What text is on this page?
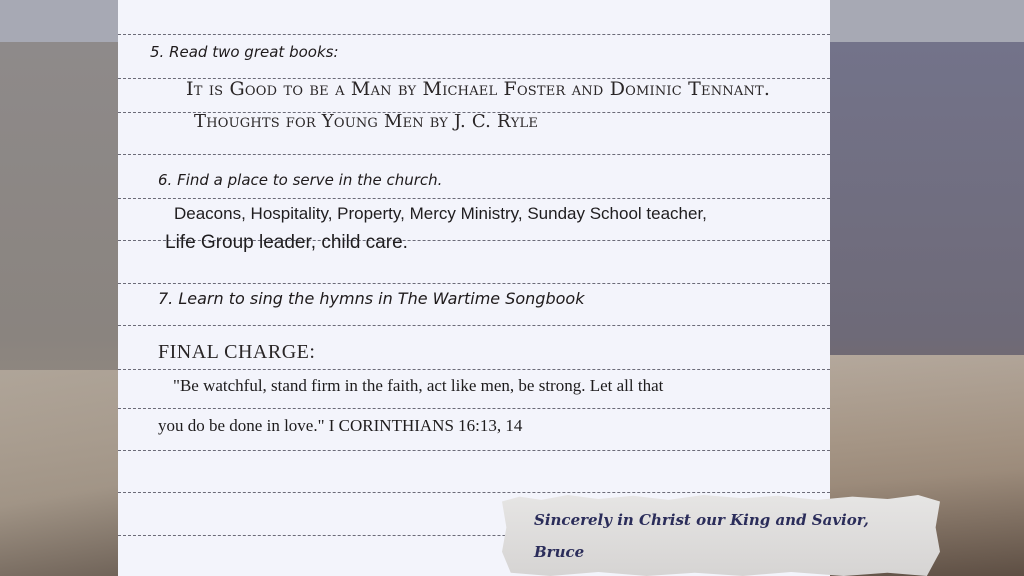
5. Read two great books:
It is Good to be a Man by Michael Foster and Dominic Tennant.
Thoughts for Young Men by J. C. Ryle
6. Find a place to serve in the church.
Deacons, Hospitality, Property, Mercy Ministry, Sunday School teacher,
Life Group leader, child care.
7. Learn to sing the hymns in The Wartime Songbook
FINAL CHARGE:
"Be watchful, stand firm in the faith, act like men, be strong. Let all that
you do be done in love." I CORINTHIANS 16:13, 14
Sincerely in Christ our King and Savior,
Bruce
